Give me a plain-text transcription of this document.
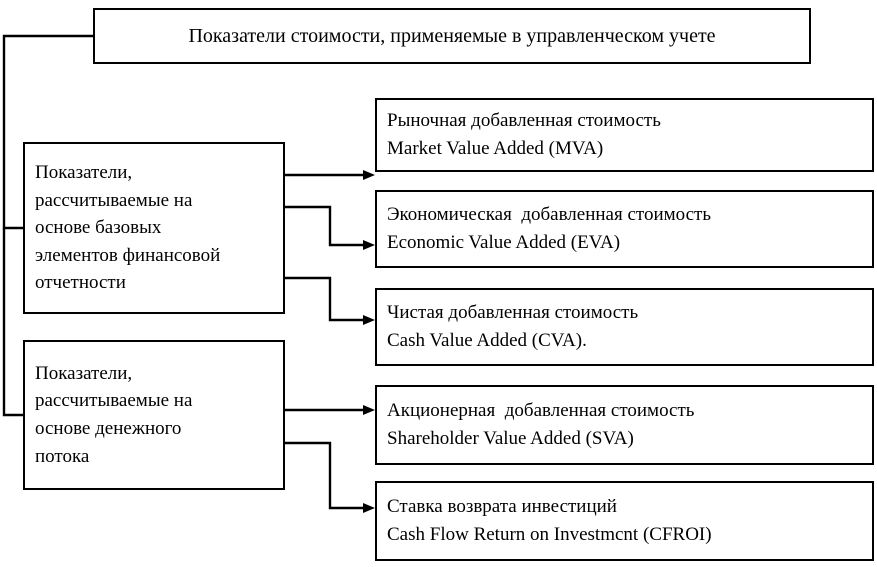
Показатели стоимости, применяемые в управленческом учете
Показатели,
рассчитываемые на
основе базовых
элементов финансовой
отчетности
Показатели,
рассчитываемые на
основе денежного
потока
Рыночная добавленная стоимость
Market Value Added (MVA)
Экономическая  добавленная стоимость
Economic Value Added (EVA)
Чистая добавленная стоимость
Cash Value Added (CVA).
Акционерная  добавленная стоимость
Shareholder Value Added (SVA)
Ставка возврата инвестиций
Cash Flow Return on Investmcnt (CFROI)
